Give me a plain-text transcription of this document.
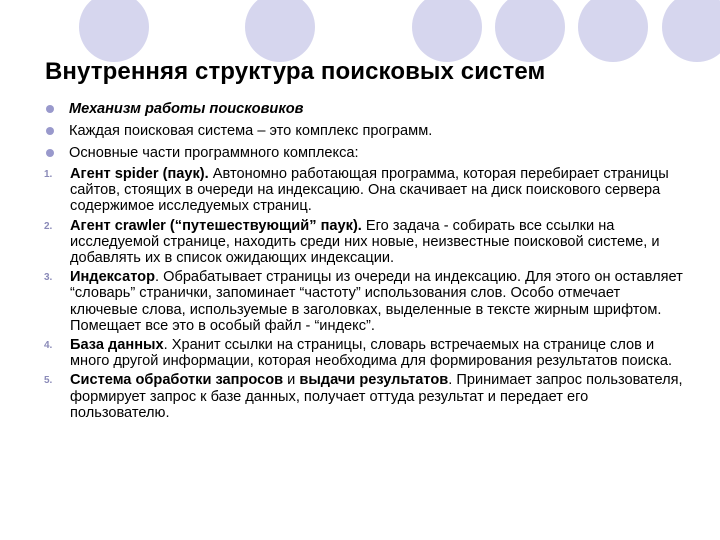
Внутренняя структура поисковых систем
Механизм работы поисковиков
Каждая поисковая система – это комплекс программ.
Основные части программного комплекса:
1. Агент spider (паук). Автономно работающая программа, которая перебирает страницы сайтов, стоящих в очереди на индексацию. Она скачивает на диск поискового сервера содержимое исследуемых страниц.
2. Агент crawler (“путешествующий” паук). Его задача - собирать все ссылки на исследуемой странице, находить среди них новые, неизвестные поисковой системе, и добавлять их в список ожидающих индексации.
3. Индексатор. Обрабатывает страницы из очереди на индексацию. Для этого он оставляет “словарь” странички, запоминает “частоту” использования слов. Особо отмечает ключевые слова, используемые в заголовках, выделенные в тексте жирным шрифтом. Помещает все это в особый файл - “индекс”.
4. База данных. Хранит ссылки на страницы, словарь встречаемых на странице слов и много другой информации, которая необходима для формирования результатов поиска.
5. Система обработки запросов и выдачи результатов. Принимает запрос пользователя, формирует запрос к базе данных, получает оттуда результат и передает его пользователю.
